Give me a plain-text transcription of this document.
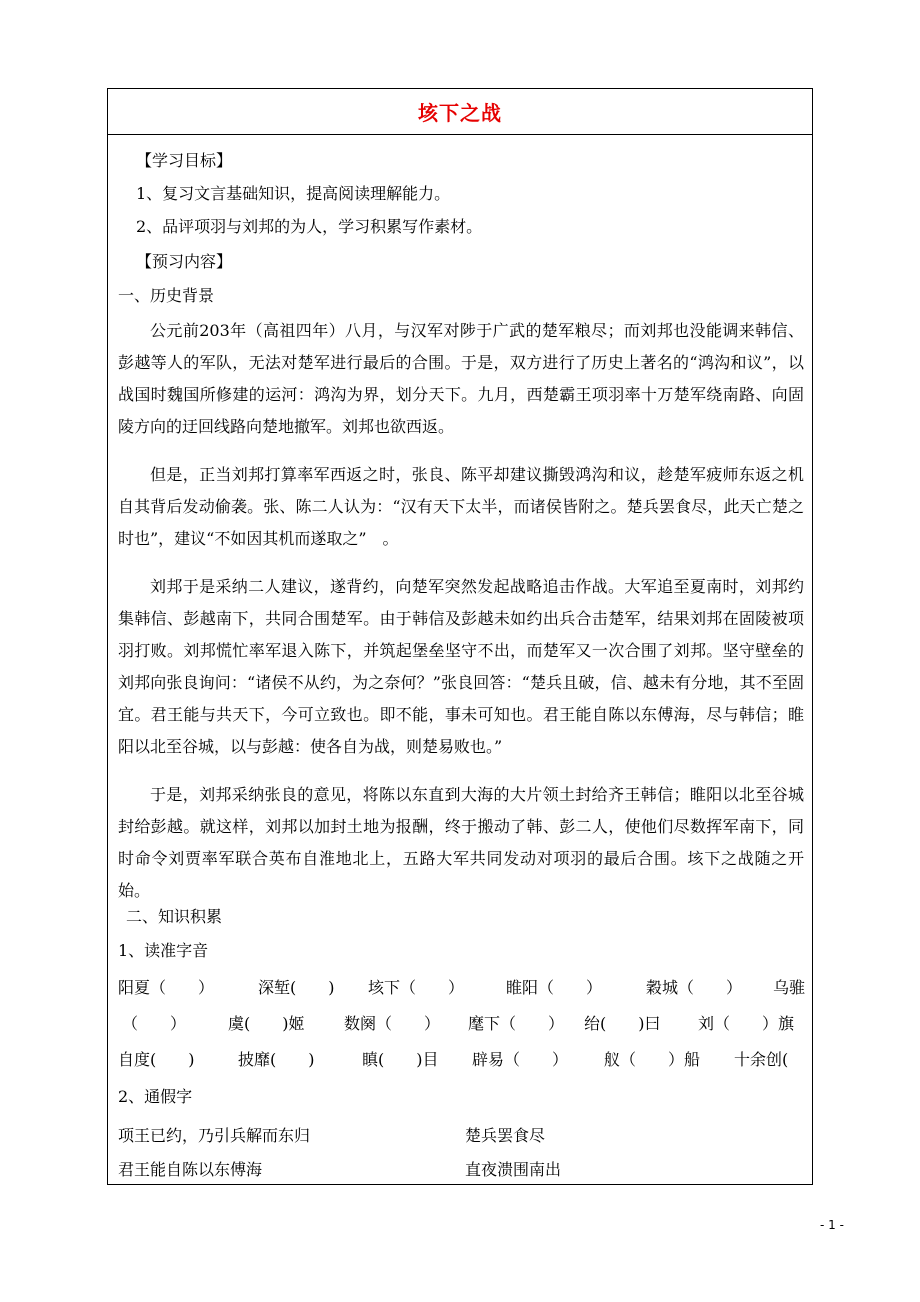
垓下之战
【学习目标】
1、复习文言基础知识，提高阅读理解能力。
2、品评项羽与刘邦的为人，学习积累写作素材。
【预习内容】
一、历史背景
公元前203年（高祖四年）八月，与汉军对陟于广武的楚军粮尽；而刘邦也没能调来韩信、彭越等人的军队，无法对楚军进行最后的合围。于是，双方进行了历史上著名的“鸿沟和议”，以战国时魏国所修建的运河：鸿沟为界，划分天下。九月，西楚霸王项羽率十万楚军绕南路、向固陵方向的迂回线路向楚地撤军。刘邦也欲西返。
但是，正当刘邦打算率军西返之时，张良、陈平却建议撕毁鸿沟和议，趁楚军疲师东返之机自其背后发动偷袭。张、陈二人认为：“汉有天下太半，而诸侯皆附之。楚兵罢食尽，此天亡楚之时也”，建议“不如因其机而遂取之”　。
刘邦于是采纳二人建议，遂背约，向楚军突然发起战略追击作战。大军追至夏南时，刘邦约集韩信、彭越南下，共同合围楚军。由于韩信及彭越未如约出兵合击楚军，结果刘邦在固陵被项羽打败。刘邦慌忙率军退入陈下，并筑起堡垒坚守不出，而楚军又一次合围了刘邦。坚守壁垒的刘邦向张良询问：“诸侯不从约，为之奈何？”张良回答：“楚兵且破，信、越未有分地，其不至固宜。君王能与共天下，今可立致也。即不能，事未可知也。君王能自陈以东傅海，尽与韩信；睢阳以北至谷城，以与彭越：使各自为战，则楚易败也。”
于是，刘邦采纳张良的意见，将陈以东直到大海的大片领土封给齐王韩信；睢阳以北至谷城封给彭越。就这样，刘邦以加封土地为报酬，终于搬动了韩、彭二人，使他们尽数挥军南下，同时命令刘贾率军联合英布自淮地北上，五路大军共同发动对项羽的最后合围。垓下之战随之开始。
二、知识积累
1、读准字音
阳夏（　　）	深堑(　　) 垓下（　　）	睢阳（　　）	穀城（　　） 乌骓
（　　）	虞(　　)姬 数阕（　　） 麾下（　　） 绐(　　)曰 刘（　　）旗
自度(　　)	披靡(　　)	瞋(　　)目 辟易（　　） 舣（　　）船 十余创(
2、通假字
项王已约，乃引兵解而东归	楚兵罢食尽
君王能自陈以东傅海	直夜溃围南出
- 1 -
